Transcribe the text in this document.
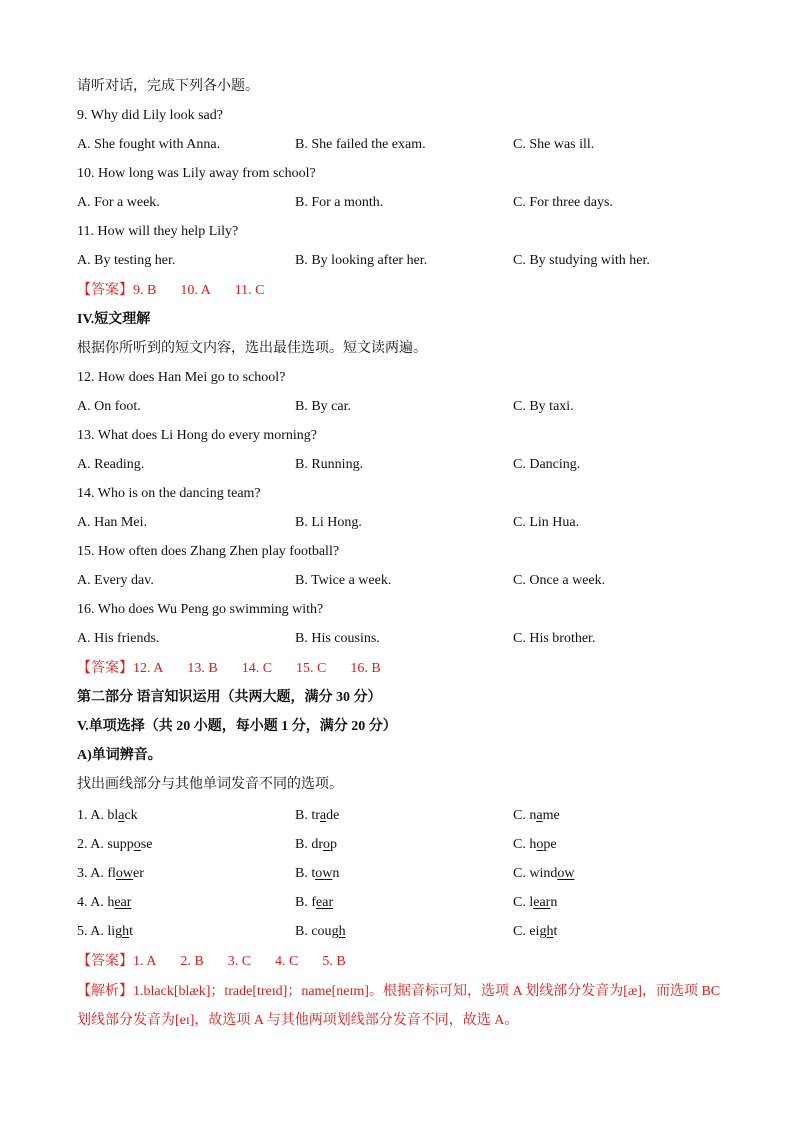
请听对话，完成下列各小题。
9. Why did Lily look sad?
A. She fought with Anna.	B. She failed the exam.	C. She was ill.
10. How long was Lily away from school?
A. For a week.	B. For a month.	C. For three days.
11. How will they help Lily?
A. By testing her.	B. By looking after her.	C. By studying with her.
【答案】9. B 10. A 11. C
IV.短文理解
根据你所听到的短文内容，选出最佳选项。短文读两遍。
12. How does Han Mei go to school?
A. On foot.	B. By car.	C. By taxi.
13. What does Li Hong do every morning?
A. Reading.	B. Running.	C. Dancing.
14. Who is on the dancing team?
A. Han Mei.	B. Li Hong.	C. Lin Hua.
15. How often does Zhang Zhen play football?
A. Every dav.	B. Twice a week.	C. Once a week.
16. Who does Wu Peng go swimming with?
A. His friends.	B. His cousins.	C. His brother.
【答案】12. A 13. B 14. C 15. C 16. B
第二部分 语言知识运用（共两大题，满分 30 分）
V.单项选择（共 20 小题，每小题 1 分，满分 20 分）
A)单词辨音。
找出画线部分与其他单词发音不同的选项。
1. A. black	B. trade	C. name
2. A. suppose	B. drop	C. hope
3. A. flower	B. town	C. window
4. A. hear	B. fear	C. learn
5. A. light	B. cough	C. eight
【答案】1. A 2. B 3. C 4. C 5. B
【解析】1.black[blæk]；trade[treɪd]；name[neɪm]。根据音标可知，选项 A 划线部分发音为[æ]，而选项 BC 划线部分发音为[eɪ]，故选项 A 与其他两项划线部分发音不同，故选 A。
